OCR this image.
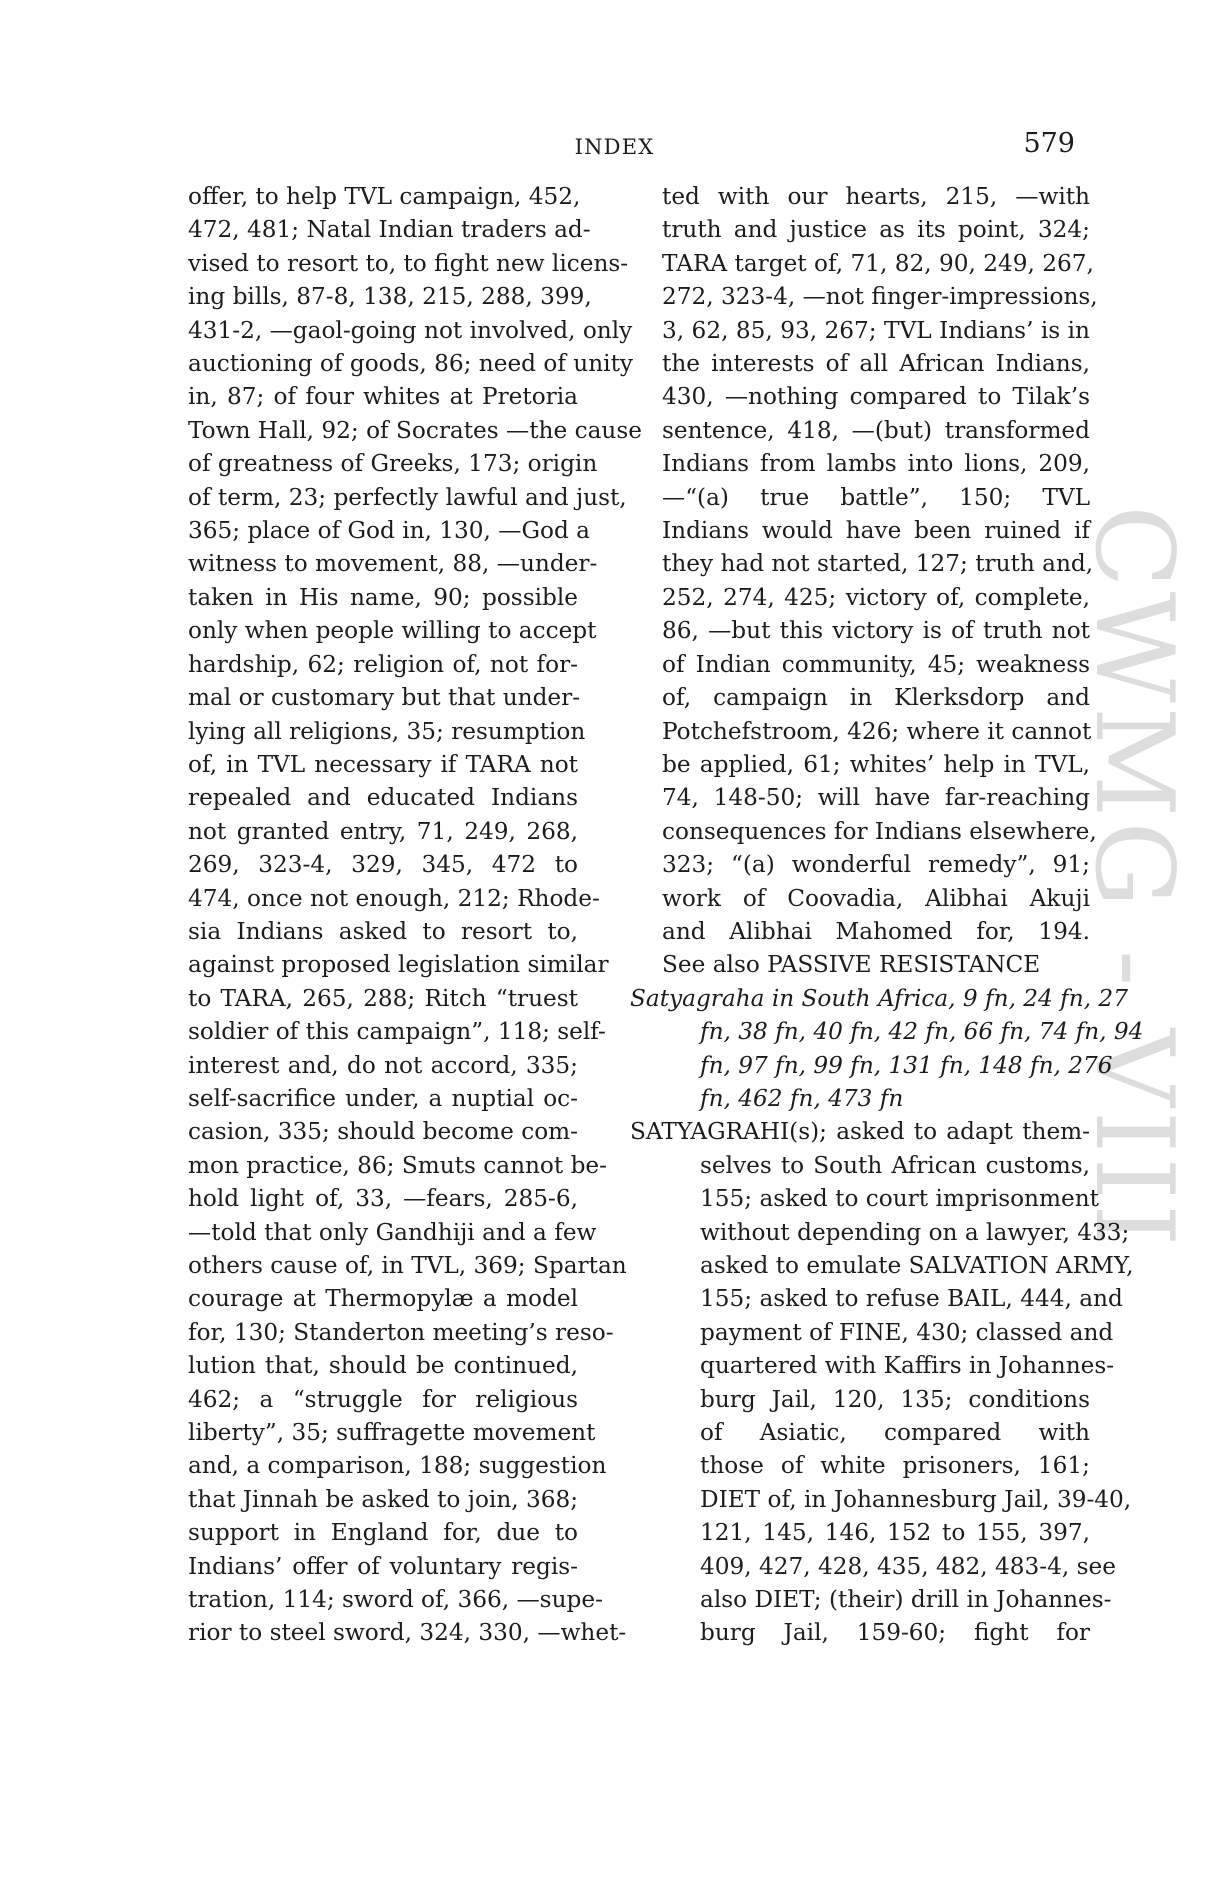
INDEX	579
offer, to help TVL campaign, 452,
472, 481; Natal Indian traders ad-
vised to resort to, to fight new licens-
ing bills, 87-8, 138, 215, 288, 399,
431-2, —gaol-going not involved, only
auctioning of goods, 86; need of unity
in, 87; of four whites at Pretoria
Town Hall, 92; of Socrates —the cause
of greatness of Greeks, 173; origin
of term, 23; perfectly lawful and just,
365; place of God in, 130, —God a
witness to movement, 88, —under-
taken in His name, 90; possible
only when people willing to accept
hardship, 62; religion of, not for-
mal or customary but that under-
lying all religions, 35; resumption
of, in TVL necessary if TARA not
repealed and educated Indians
not granted entry, 71, 249, 268,
269, 323-4, 329, 345, 472 to
474, once not enough, 212; Rhode-
sia Indians asked to resort to,
against proposed legislation similar
to TARA, 265, 288; Ritch “truest
soldier of this campaign”, 118; self-
interest and, do not accord, 335;
self-sacrifice under, a nuptial oc-
casion, 335; should become com-
mon practice, 86; Smuts cannot be-
hold light of, 33, —fears, 285-6,
—told that only Gandhiji and a few
others cause of, in TVL, 369; Spartan
courage at Thermopylæ a model
for, 130; Standerton meeting’s reso-
lution that, should be continued,
462; a “struggle for religious
liberty”, 35; suffragette movement
and, a comparison, 188; suggestion
that Jinnah be asked to join, 368;
support in England for, due to
Indians’ offer of voluntary regis-
tration, 114; sword of, 366, —supe-
rior to steel sword, 324, 330, —whet-
ted with our hearts, 215, —with
truth and justice as its point, 324;
TARA target of, 71, 82, 90, 249, 267,
272, 323-4, —not finger-impressions,
3, 62, 85, 93, 267; TVL Indians’ is in
the interests of all African Indians,
430, —nothing compared to Tilak’s
sentence, 418, —(but) transformed
Indians from lambs into lions, 209,
—“(a) true battle”, 150; TVL
Indians would have been ruined if
they had not started, 127; truth and,
252, 274, 425; victory of, complete,
86, —but this victory is of truth not
of Indian community, 45; weakness
of, campaign in Klerksdorp and
Potchefstroom, 426; where it cannot
be applied, 61; whites’ help in TVL,
74, 148-50; will have far-reaching
consequences for Indians elsewhere,
323; “(a) wonderful remedy”, 91;
work of Coovadia, Alibhai Akuji
and Alibhai Mahomed for, 194.
See also PASSIVE RESISTANCE
Satyagraha in South Africa, 9 fn, 24 fn, 27
fn, 38 fn, 40 fn, 42 fn, 66 fn, 74 fn, 94
fn, 97 fn, 99 fn, 131 fn, 148 fn, 276
fn, 462 fn, 473 fn
SATYAGRAHI(s); asked to adapt them-
selves to South African customs,
155; asked to court imprisonment
without depending on a lawyer, 433;
asked to emulate SALVATION ARMY,
155; asked to refuse BAIL, 444, and
payment of FINE, 430; classed and
quartered with Kaffirs in Johannes-
burg Jail, 120, 135; conditions
of Asiatic, compared with
those of white prisoners, 161;
DIET of, in Johannesburg Jail, 39-40,
121, 145, 146, 152 to 155, 397,
409, 427, 428, 435, 482, 483-4, see
also DIET; (their) drill in Johannes-
burg Jail, 159-60; fight for
CWMG - VIII
